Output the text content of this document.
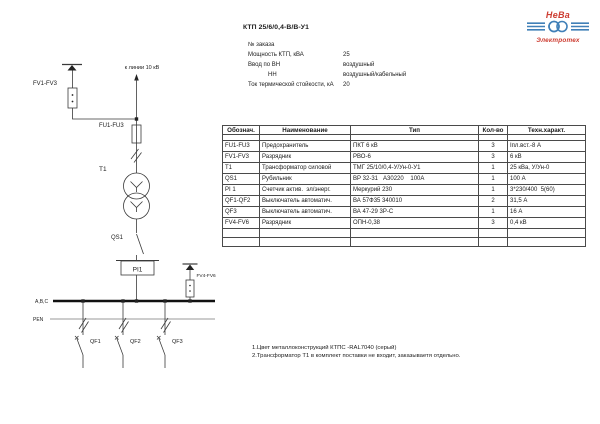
к линии 10 кВ
FV1-FV3
FU1-FU3
Т1
QS1
PI1
A,B,C
PEN
QF1	QF2	QF3
FV4-FV6
НеВа
Электротех
КТП 25/6/0,4-В/В-У1
№ заказа
Мощность КТП, кВА	25
Ввод по ВН	воздушный
НН	воздушный/кабельный
Ток термической стойкости, кА 20
Обознач.	Наименование	Тип	Кол-во	Техн.характ.

FU1-FU3	Предохранитель	ПКТ 6 кВ	3	Iпл.вст.-8 А
FV1-FV3	Разрядник	РВО-6	3	6 кВ
Т1	Трансформатор силовой	ТМГ 25/10/0,4-У/Ун-0-У1	1	25 кВа, У/Ун-0
QS1	Рубильник	ВР 32-31   А30220    100А	1	100 А
PI 1	Счетчик актив.  эл/энерг.	Меркурий 230	1	3*230/400  5(60)
QF1-QF2	Выключатель автоматич.	ВА 57Ф35 340010	2	31,5 А
QF3	Выключатель автоматич.	ВА 47-29 3Р-С	1	16 А
FV4-FV6	Разрядник	ОПН-0,38	3	0,4 кВ

1.Цвет металлоконструкций КТПС -RAL7040 (серый)
2.Трансформатор Т1 в комплект поставки не входит, заказываетя отдельно.
